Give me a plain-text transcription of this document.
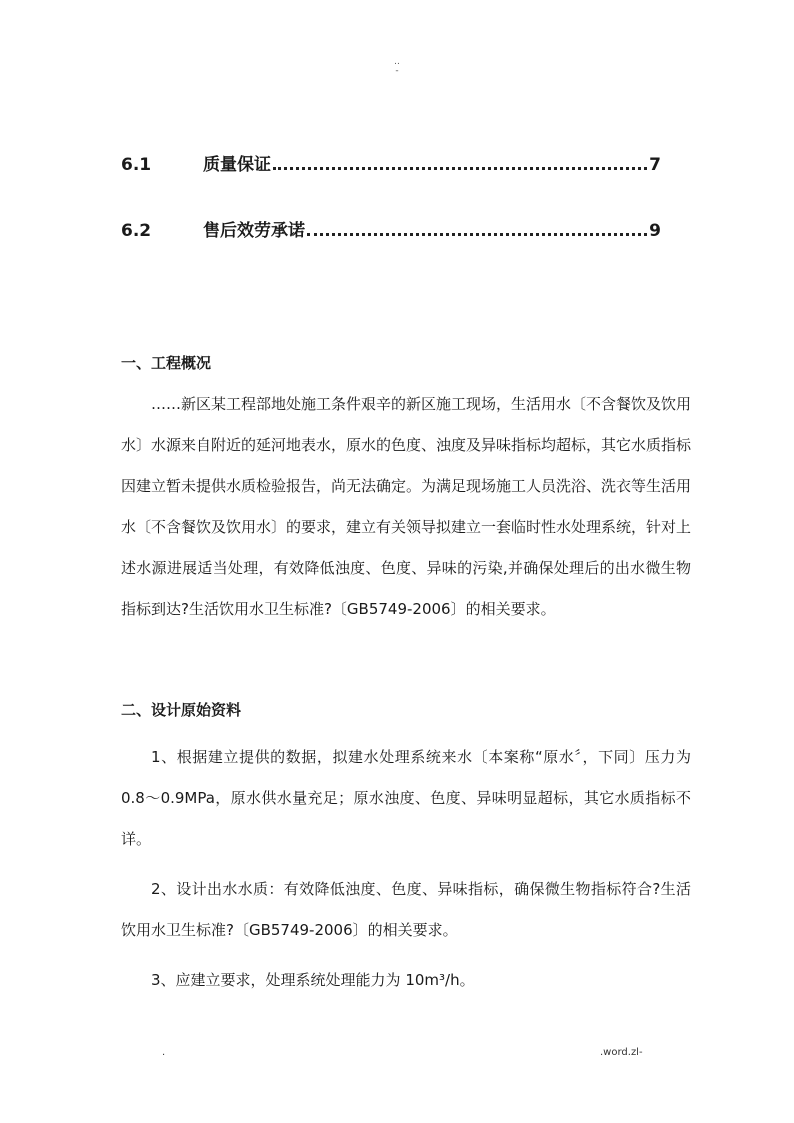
..
-
6.1	质量保证	7
6.2	售后效劳承诺	9
一、工程概况
……新区某工程部地处施工条件艰辛的新区施工现场，生活用水〔不含餐饮及饮用水〕水源来自附近的延河地表水，原水的色度、浊度及异味指标均超标，其它水质指标因建立暂未提供水质检验报告，尚无法确定。为满足现场施工人员洗浴、洗衣等生活用水〔不含餐饮及饮用水〕的要求，建立有关领导拟建立一套临时性水处理系统，针对上述水源进展适当处理，有效降低浊度、色度、异味的污染,并确保处理后的出水微生物指标到达?生活饮用水卫生标准?〔GB5749-2006〕的相关要求。
二、设计原始资料
1、根据建立提供的数据，拟建水处理系统来水〔本案称“原水〞，下同〕压力为 0.8～0.9MPa，原水供水量充足；原水浊度、色度、异味明显超标，其它水质指标不详。
2、设计出水水质：有效降低浊度、色度、异味指标，确保微生物指标符合?生活饮用水卫生标准?〔GB5749-2006〕的相关要求。
3、应建立要求，处理系统处理能力为 10m³/h。
.	.word.zl-
